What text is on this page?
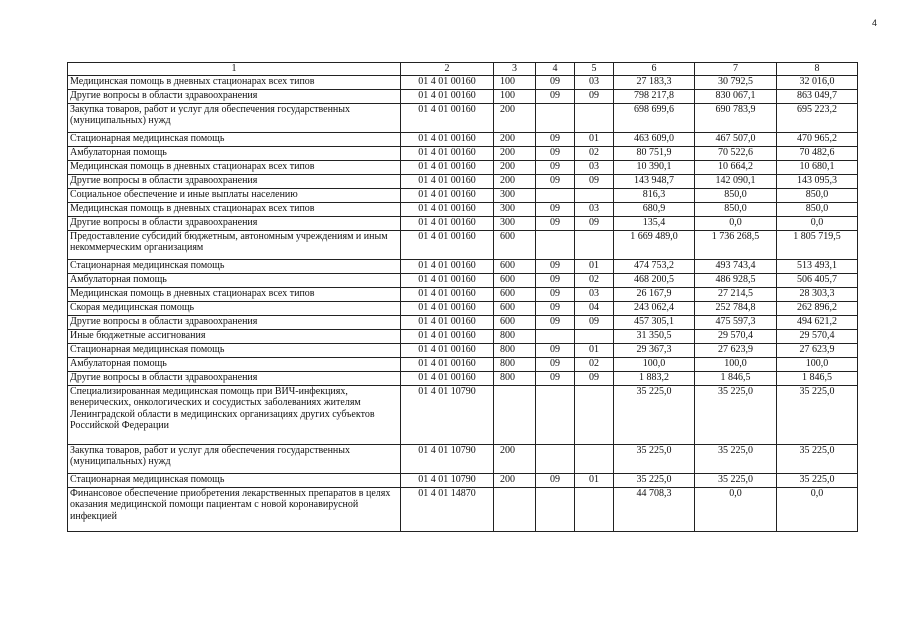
4
1	2	3	4	5	6	7	8
Медицинская помощь в дневных стационарах всех типов	01 4 01 00160	100	09	03	27 183,3	30 792,5	32 016,0
Другие вопросы в области здравоохранения	01 4 01 00160	100	09	09	798 217,8	830 067,1	863 049,7
Закупка товаров, работ и услуг для обеспечения государственных (муниципальных) нужд	01 4 01 00160	200			698 699,6	690 783,9	695 223,2
Стационарная медицинская помощь	01 4 01 00160	200	09	01	463 609,0	467 507,0	470 965,2
Амбулаторная помощь	01 4 01 00160	200	09	02	80 751,9	70 522,6	70 482,6
Медицинская помощь в дневных стационарах всех типов	01 4 01 00160	200	09	03	10 390,1	10 664,2	10 680,1
Другие вопросы в области здравоохранения	01 4 01 00160	200	09	09	143 948,7	142 090,1	143 095,3
Социальное обеспечение и иные выплаты населению	01 4 01 00160	300			816,3	850,0	850,0
Медицинская помощь в дневных стационарах всех типов	01 4 01 00160	300	09	03	680,9	850,0	850,0
Другие вопросы в области здравоохранения	01 4 01 00160	300	09	09	135,4	0,0	0,0
Предоставление субсидий бюджетным, автономным учреждениям и иным некоммерческим организациям	01 4 01 00160	600			1 669 489,0	1 736 268,5	1 805 719,5
Стационарная медицинская помощь	01 4 01 00160	600	09	01	474 753,2	493 743,4	513 493,1
Амбулаторная помощь	01 4 01 00160	600	09	02	468 200,5	486 928,5	506 405,7
Медицинская помощь в дневных стационарах всех типов	01 4 01 00160	600	09	03	26 167,9	27 214,5	28 303,3
Скорая медицинская помощь	01 4 01 00160	600	09	04	243 062,4	252 784,8	262 896,2
Другие вопросы в области здравоохранения	01 4 01 00160	600	09	09	457 305,1	475 597,3	494 621,2
Иные бюджетные ассигнования	01 4 01 00160	800			31 350,5	29 570,4	29 570,4
Стационарная медицинская помощь	01 4 01 00160	800	09	01	29 367,3	27 623,9	27 623,9
Амбулаторная помощь	01 4 01 00160	800	09	02	100,0	100,0	100,0
Другие вопросы в области здравоохранения	01 4 01 00160	800	09	09	1 883,2	1 846,5	1 846,5
Специализированная медицинская помощь при ВИЧ-инфекциях, венерических, онкологических и сосудистых заболеваниях жителям Ленинградской области в медицинских организациях других субъектов Российской Федерации	01 4 01 10790				35 225,0	35 225,0	35 225,0
Закупка товаров, работ и услуг для обеспечения государственных (муниципальных) нужд	01 4 01 10790	200			35 225,0	35 225,0	35 225,0
Стационарная медицинская помощь	01 4 01 10790	200	09	01	35 225,0	35 225,0	35 225,0
Финансовое обеспечение приобретения лекарственных препаратов в целях оказания медицинской помощи пациентам с новой коронавирусной инфекцией	01 4 01 14870				44 708,3	0,0	0,0
